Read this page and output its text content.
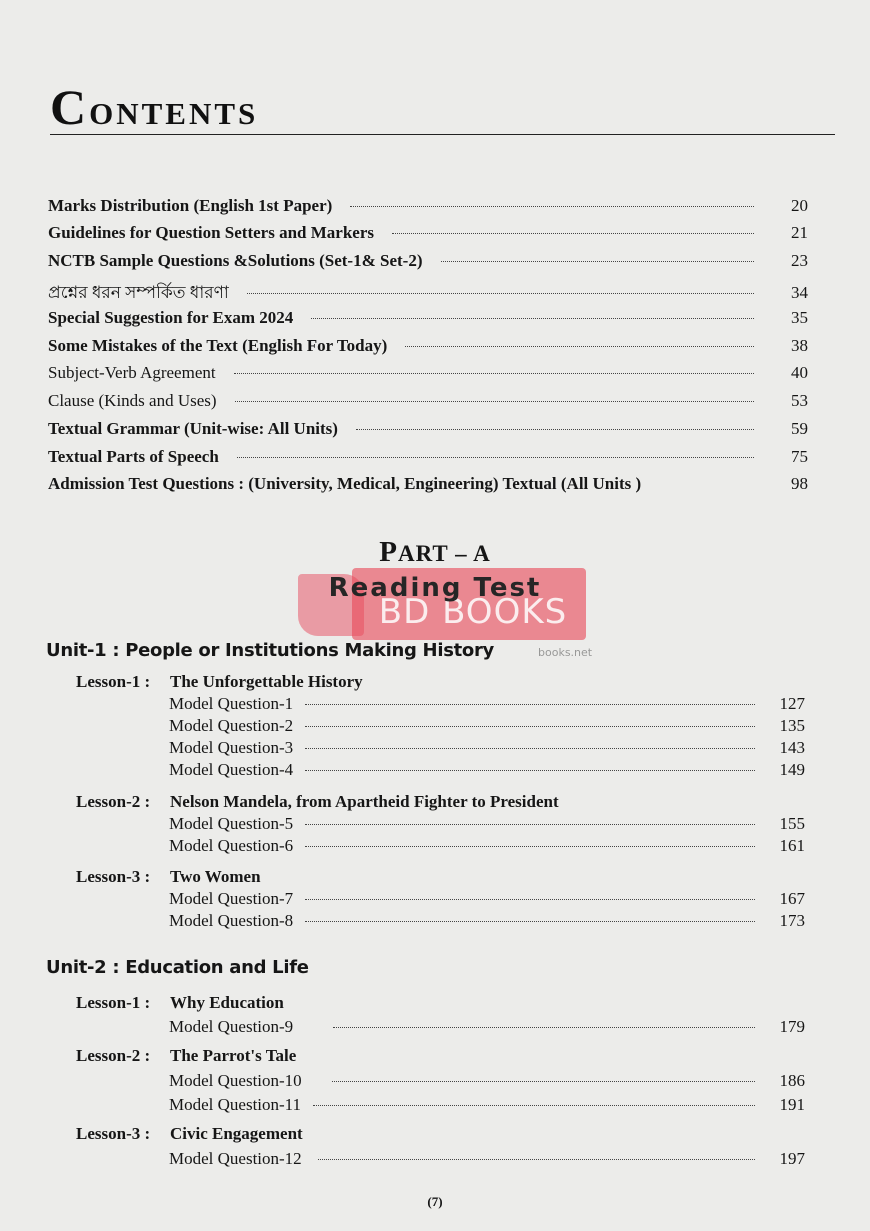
CONTENTS
Marks Distribution (English 1st Paper)	20
Guidelines for Question Setters and Markers	21
NCTB Sample Questions &Solutions (Set-1& Set-2)	23
প্রশ্নের ধরন সম্পর্কিত ধারণা	34
Special Suggestion for Exam 2024	35
Some Mistakes of the Text (English For Today)	38
Subject-Verb Agreement	40
Clause (Kinds and Uses)	53
Textual Grammar (Unit-wise: All Units)	59
Textual Parts of Speech	75
Admission Test Questions : (University, Medical, Engineering) Textual (All Units )	98
PART – A
BD BOOKS
books.net
Reading Test
Unit-1 : People or Institutions Making History
Lesson-1 : The Unforgettable History
Model Question-1	127
Model Question-2	135
Model Question-3	143
Model Question-4	149
Lesson-2 : Nelson Mandela, from Apartheid Fighter to President
Model Question-5	155
Model Question-6	161
Lesson-3 : Two Women
Model Question-7	167
Model Question-8	173
Unit-2 : Education and Life
Lesson-1 : Why Education
Model Question-9	179
Lesson-2 : The Parrot's Tale
Model Question-10	186
Model Question-11	191
Lesson-3 : Civic Engagement
Model Question-12	197
(7)
